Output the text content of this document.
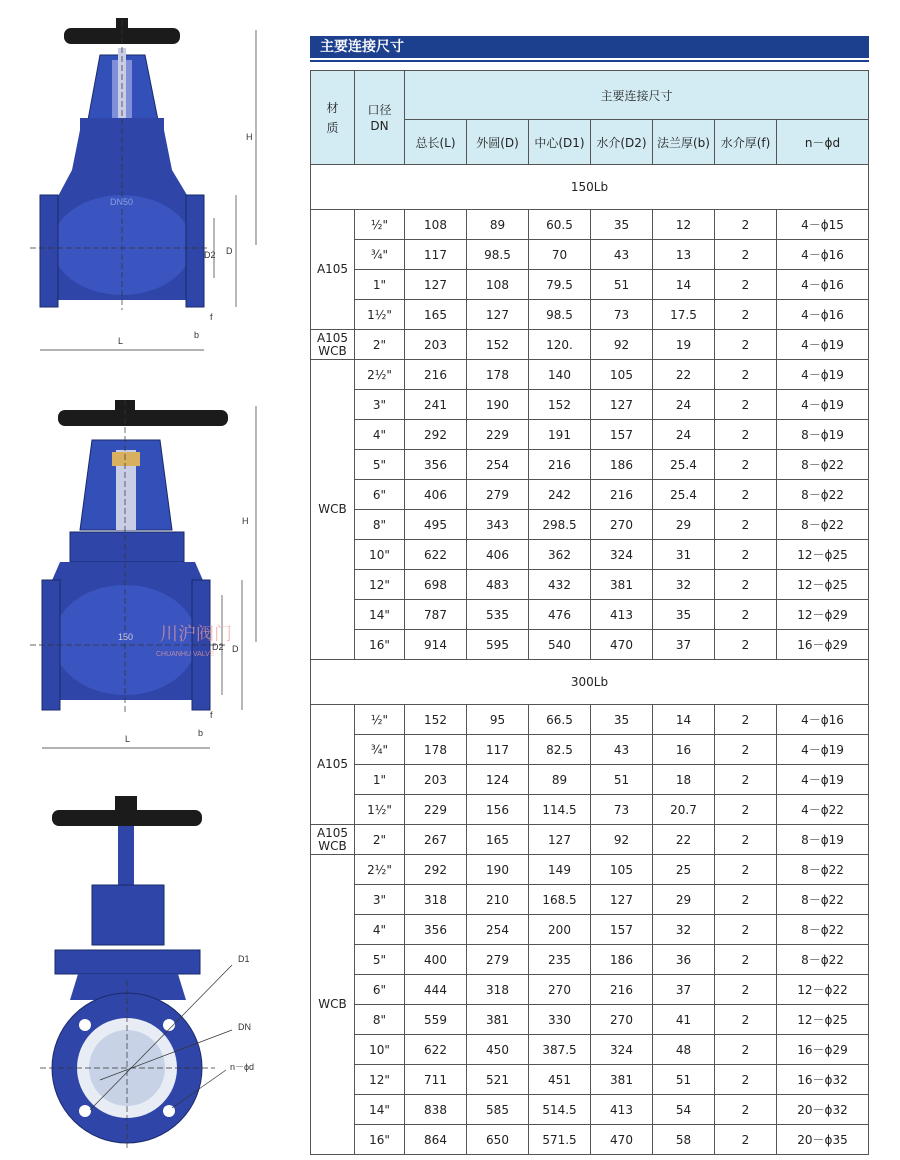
H
D
D2
L
f
b
DN50
H
D
D2
L
f
b
150 川沪阀门
CHUANHU VALVE
D1
DN
n－ϕd
主要连接尺寸
材
质	口径
DN	主要连接尺寸						
		总长(L)	外圆(D)	中心(D1)	水介(D2)	法兰厚(b)	水介厚(f)	n－ϕd
150Lb								
A105	½"	108	89	60.5	35	12	2	4－ϕ15
	¾"	117	98.5	70	43	13	2	4－ϕ16
	1"	127	108	79.5	51	14	2	4－ϕ16
	1½"	165	127	98.5	73	17.5	2	4－ϕ16
A105
WCB	2"	203	152	120.	92	19	2	4－ϕ19
WCB	2½"	216	178	140	105	22	2	4－ϕ19
	3"	241	190	152	127	24	2	4－ϕ19
	4"	292	229	191	157	24	2	8－ϕ19
	5"	356	254	216	186	25.4	2	8－ϕ22
	6"	406	279	242	216	25.4	2	8－ϕ22
	8"	495	343	298.5	270	29	2	8－ϕ22
	10"	622	406	362	324	31	2	12－ϕ25
	12"	698	483	432	381	32	2	12－ϕ25
	14"	787	535	476	413	35	2	12－ϕ29
	16"	914	595	540	470	37	2	16－ϕ29
300Lb								
A105	½"	152	95	66.5	35	14	2	4－ϕ16
	¾"	178	117	82.5	43	16	2	4－ϕ19
	1"	203	124	89	51	18	2	4－ϕ19
	1½"	229	156	114.5	73	20.7	2	4－ϕ22
A105
WCB	2"	267	165	127	92	22	2	8－ϕ19
WCB	2½"	292	190	149	105	25	2	8－ϕ22
	3"	318	210	168.5	127	29	2	8－ϕ22
	4"	356	254	200	157	32	2	8－ϕ22
	5"	400	279	235	186	36	2	8－ϕ22
	6"	444	318	270	216	37	2	12－ϕ22
	8"	559	381	330	270	41	2	12－ϕ25
	10"	622	450	387.5	324	48	2	16－ϕ29
	12"	711	521	451	381	51	2	16－ϕ32
	14"	838	585	514.5	413	54	2	20－ϕ32
	16"	864	650	571.5	470	58	2	20－ϕ35
